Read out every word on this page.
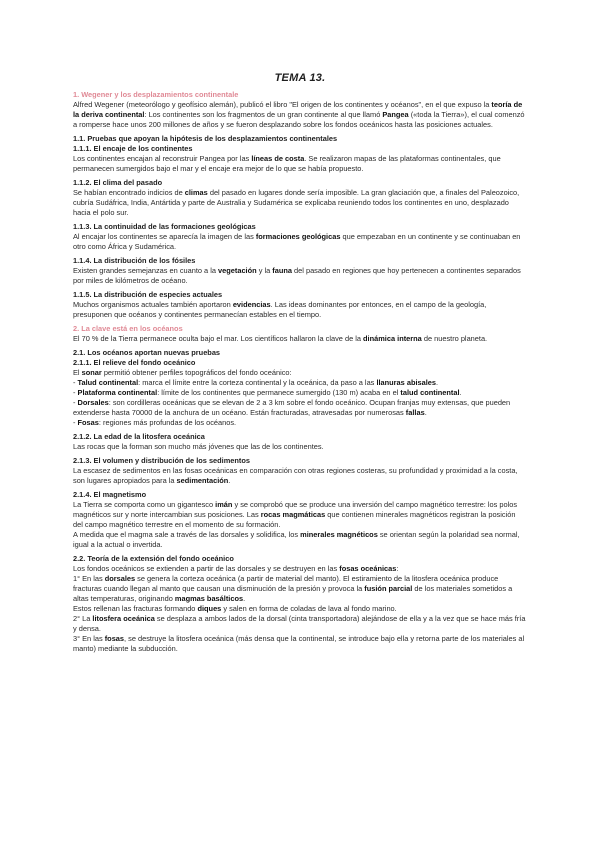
TEMA 13.
1. Wegener y los desplazamientos continentale
Alfred Wegener (meteorólogo y geofísico alemán), publicó el libro "El origen de los continentes y océanos", en el que expuso la teoría de la deriva continental: Los continentes son los fragmentos de un gran continente al que llamó Pangea («toda la Tierra»), el cual comenzó a romperse hace unos 200 millones de años y se fueron desplazando sobre los fondos oceánicos hasta las posiciones actuales.
1.1. Pruebas que apoyan la hipótesis de los desplazamientos continentales
1.1.1. El encaje de los continentes
Los continentes encajan al reconstruir Pangea por las líneas de costa. Se realizaron mapas de las plataformas continentales, que permanecen sumergidos bajo el mar y el encaje era mejor de lo que se había propuesto.
1.1.2. El clima del pasado
Se habían encontrado indicios de climas del pasado en lugares donde sería imposible. La gran glaciación que, a finales del Paleozoico, cubría Sudáfrica, India, Antártida y parte de Australia y Sudamérica se explicaba reuniendo todos los continentes en uno, desplazado hacia el polo sur.
1.1.3. La continuidad de las formaciones geológicas
Al encajar los continentes se aparecía la imagen de las formaciones geológicas que empezaban en un continente y se continuaban en otro como África y Sudamérica.
1.1.4. La distribución de los fósiles
Existen grandes semejanzas en cuanto a la vegetación y la fauna del pasado en regiones que hoy pertenecen a continentes separados por miles de kilómetros de océano.
1.1.5. La distribución de especies actuales
Muchos organismos actuales también aportaron evidencias. Las ideas dominantes por entonces, en el campo de la geología, presuponen que océanos y continentes permanecían estables en el tiempo.
2. La clave está en los océanos
El 70 % de la Tierra permanece oculta bajo el mar. Los científicos hallaron la clave de la dinámica interna de nuestro planeta.
2.1. Los océanos aportan nuevas pruebas
2.1.1. El relieve del fondo oceánico
El sonar permitió obtener perfiles topográficos del fondo oceánico:
- Talud continental: marca el límite entre la corteza continental y la oceánica, da paso a las llanuras abisales.
- Plataforma continental: límite de los continentes que permanece sumergido (130 m) acaba en el talud continental.
- Dorsales: son cordilleras oceánicas que se elevan de 2 a 3 km sobre el fondo oceánico. Ocupan franjas muy extensas, que pueden extenderse hasta 70000 de la anchura de un océano. Están fracturadas, atravesadas por numerosas fallas.
- Fosas: regiones más profundas de los océanos.
2.1.2. La edad de la litosfera oceánica
Las rocas que la forman son mucho más jóvenes que las de los continentes.
2.1.3. El volumen y distribución de los sedimentos
La escasez de sedimentos en las fosas oceánicas en comparación con otras regiones costeras, su profundidad y proximidad a la costa, son lugares apropiados para la sedimentación.
2.1.4. El magnetismo
La Tierra se comporta como un gigantesco imán y se comprobó que se produce una inversión del campo magnético terrestre: los polos magnéticos sur y norte intercambian sus posiciones. Las rocas magmáticas que contienen minerales magnéticos registran la posición del campo magnético terrestre en el momento de su formación.
A medida que el magma sale a través de las dorsales y solidifica, los minerales magnéticos se orientan según la polaridad sea normal, igual a la actual o invertida.
2.2. Teoría de la extensión del fondo oceánico
Los fondos oceánicos se extienden a partir de las dorsales y se destruyen en las fosas oceánicas:
1° En las dorsales se genera la corteza oceánica (a partir de material del manto). El estiramiento de la litosfera oceánica produce fracturas cuando llegan al manto que causan una disminución de la presión y provoca la fusión parcial de los materiales sometidos a altas temperaturas, originando magmas basálticos.
Estos rellenan las fracturas formando diques y salen en forma de coladas de lava al fondo marino.
2° La litosfera oceánica se desplaza a ambos lados de la dorsal (cinta transportadora) alejándose de ella y a la vez que se hace más fría y densa.
3° En las fosas, se destruye la litosfera oceánica (más densa que la continental, se introduce bajo ella y retorna parte de los materiales al manto) mediante la subducción.
